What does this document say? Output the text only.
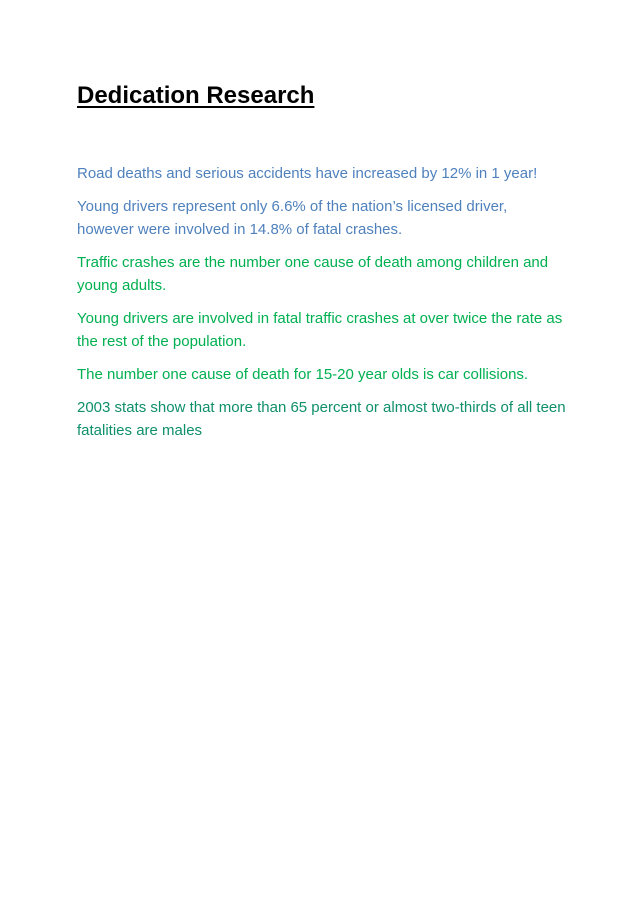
Dedication Research

Road deaths and serious accidents have increased by 12% in 1 year!

Young drivers represent only 6.6% of the nation’s licensed driver, however were involved in 14.8% of fatal crashes.

Traffic crashes are the number one cause of death among children and young adults.

Young drivers are involved in fatal traffic crashes at over twice the rate as the rest of the population.

The number one cause of death for 15-20 year olds is car collisions.

2003 stats show that more than 65 percent or almost two-thirds of all teen fatalities are males
